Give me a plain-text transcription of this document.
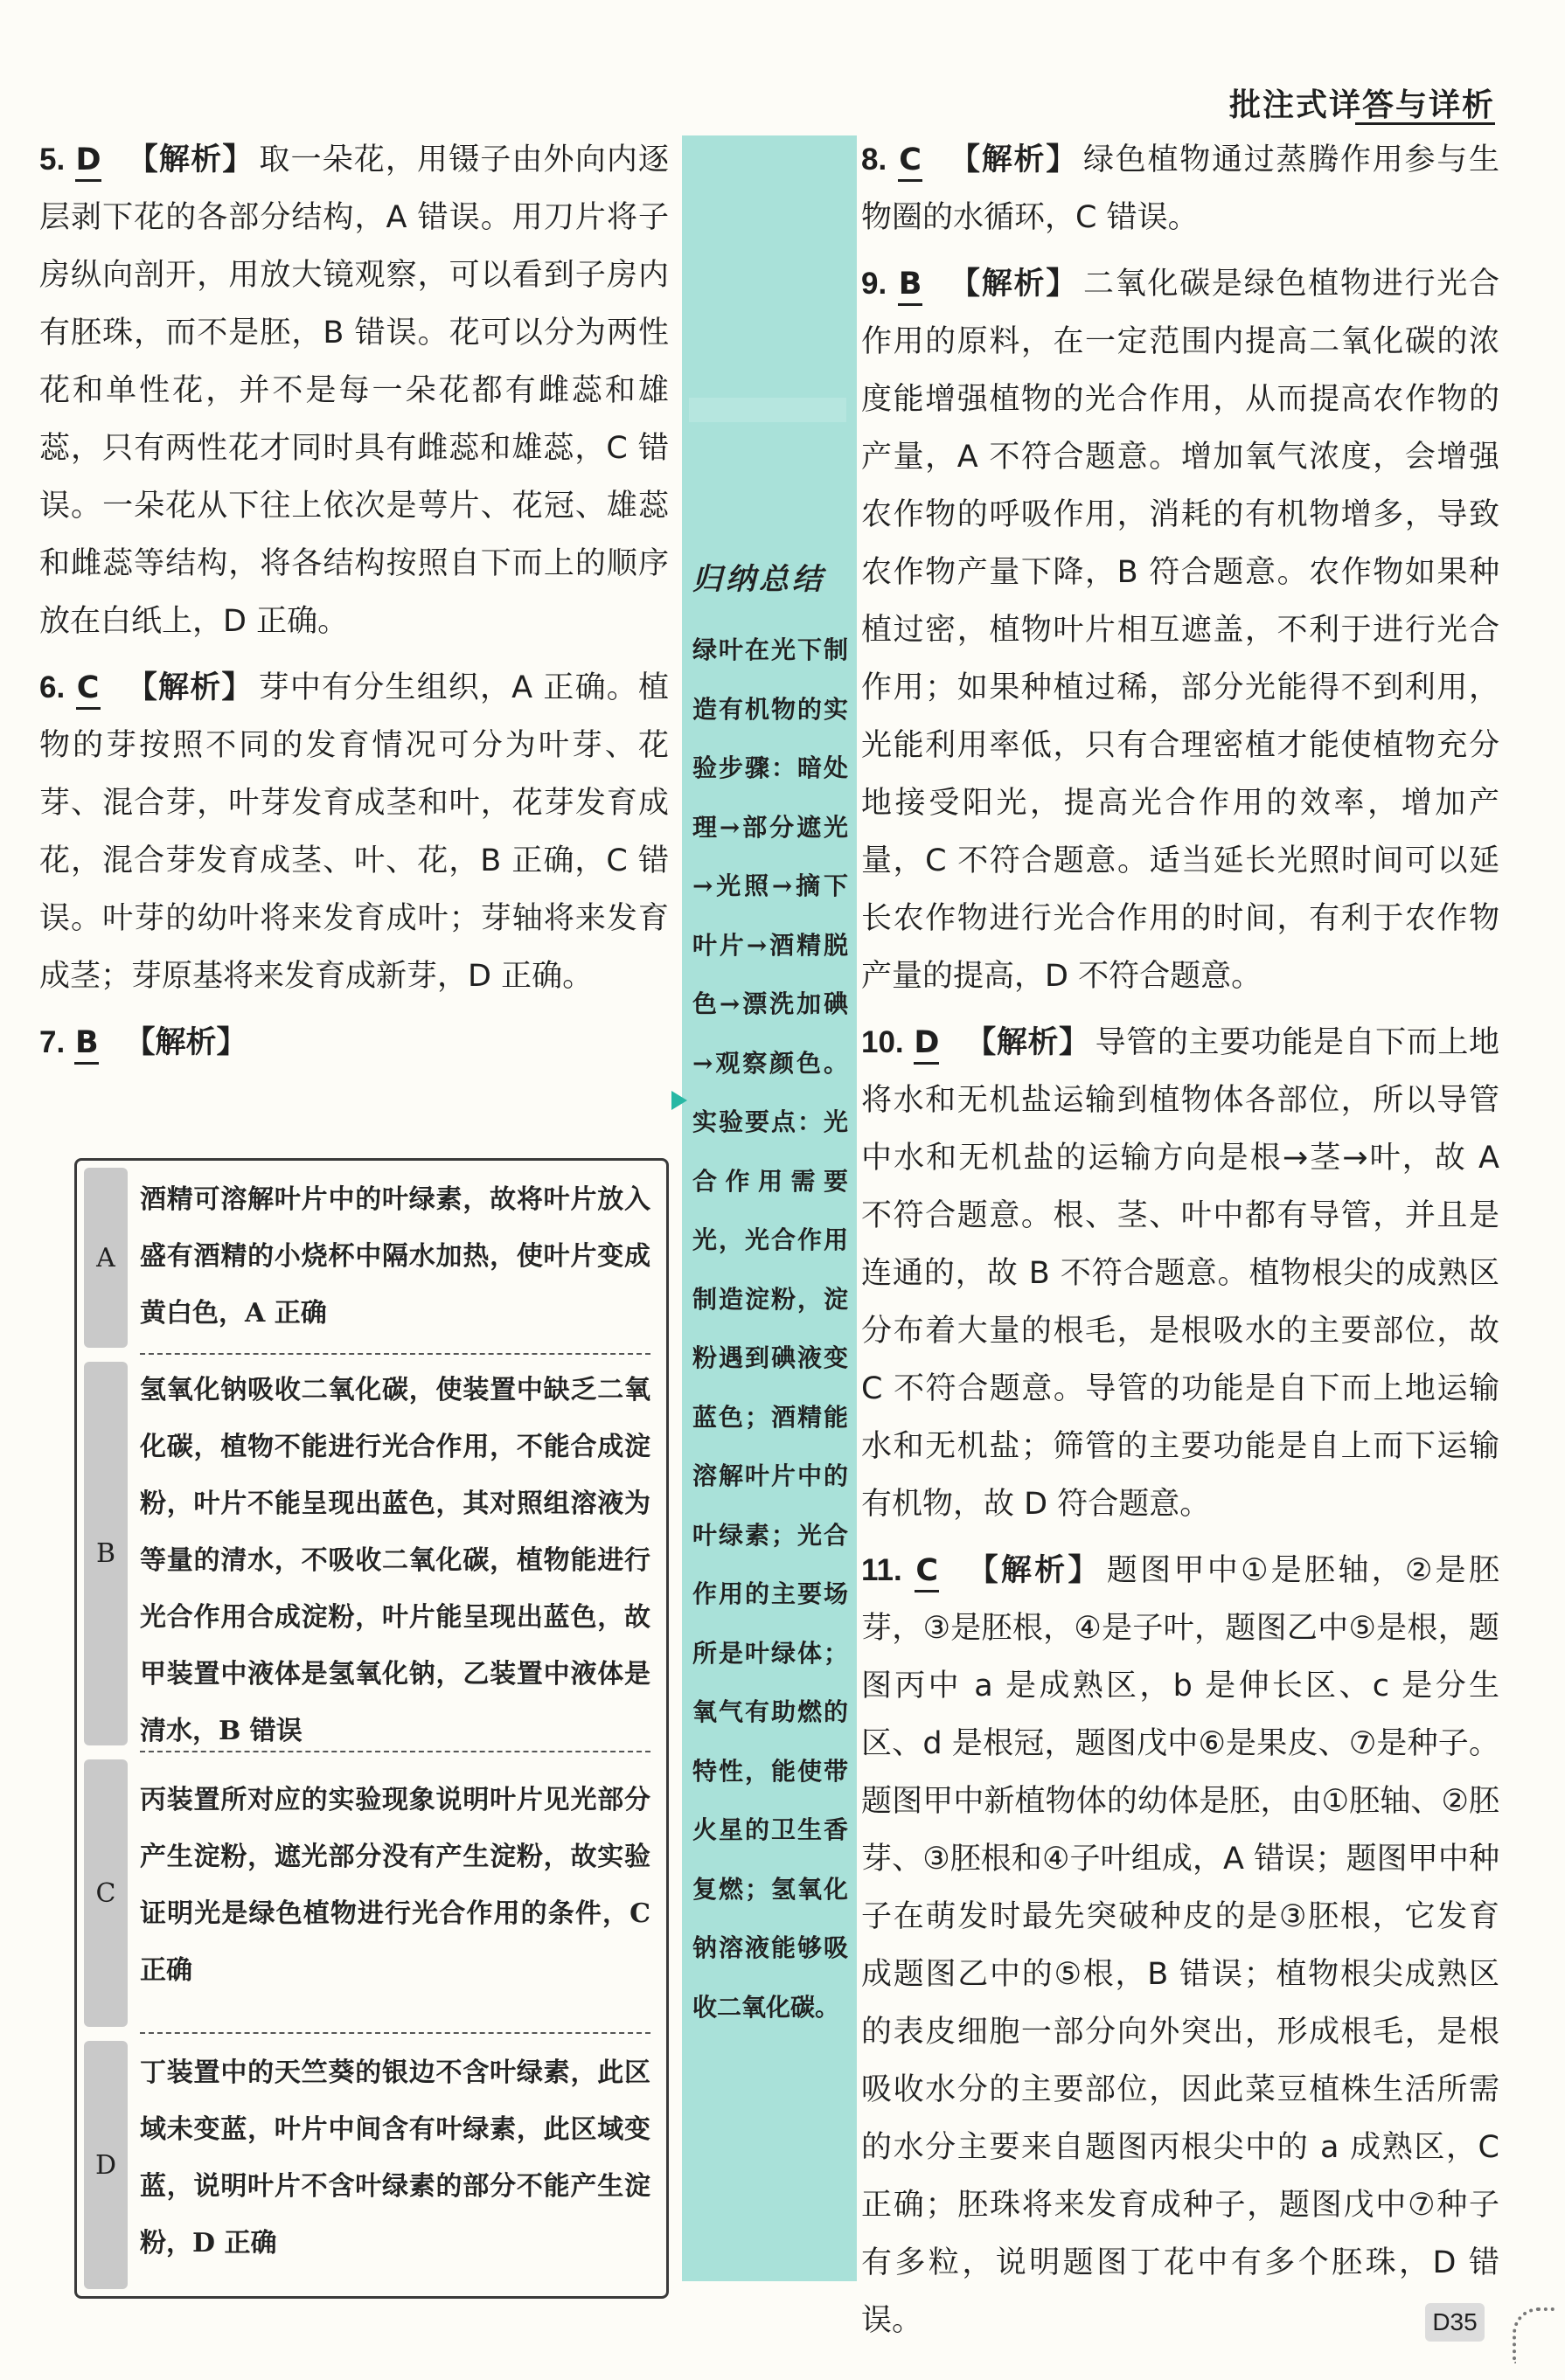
批注式详答与详析

5. D 【解析】 取一朵花，用镊子由外向内逐层剥下花的各部分结构，A 错误。用刀片将子房纵向剖开，用放大镜观察，可以看到子房内有胚珠，而不是胚，B 错误。花可以分为两性花和单性花，并不是每一朵花都有雌蕊和雄蕊，只有两性花才同时具有雌蕊和雄蕊，C 错误。一朵花从下往上依次是萼片、花冠、雄蕊和雌蕊等结构，将各结构按照自下而上的顺序放在白纸上，D 正确。

6. C 【解析】 芽中有分生组织，A 正确。植物的芽按照不同的发育情况可分为叶芽、花芽、混合芽，叶芽发育成茎和叶，花芽发育成花，混合芽发育成茎、叶、花，B 正确，C 错误。叶芽的幼叶将来发育成叶；芽轴将来发育成茎；芽原基将来发育成新芽，D 正确。

7. B 【解析】

A
酒精可溶解叶片中的叶绿素，故将叶片放入盛有酒精的小烧杯中隔水加热，使叶片变成黄白色，A 正确
B
氢氧化钠吸收二氧化碳，使装置中缺乏二氧化碳，植物不能进行光合作用，不能合成淀粉，叶片不能呈现出蓝色，其对照组溶液为等量的清水，不吸收二氧化碳，植物能进行光合作用合成淀粉，叶片能呈现出蓝色，故甲装置中液体是氢氧化钠，乙装置中液体是清水，B 错误
C
丙装置所对应的实验现象说明叶片见光部分产生淀粉，遮光部分没有产生淀粉，故实验证明光是绿色植物进行光合作用的条件，C 正确
D
丁装置中的天竺葵的银边不含叶绿素，此区域未变蓝，叶片中间含有叶绿素，此区域变蓝，说明叶片不含叶绿素的部分不能产生淀粉，D 正确
归纳总结
绿叶在光下制造有机物的实验步骤：暗处理→部分遮光→光照→摘下叶片→酒精脱色→漂洗加碘→观察颜色。实验要点：光合作用需要光，光合作用制造淀粉，淀粉遇到碘液变蓝色；酒精能溶解叶片中的叶绿素；光合作用的主要场所是叶绿体；氧气有助燃的特性，能使带火星的卫生香复燃；氢氧化钠溶液能够吸收二氧化碳。

8. C 【解析】 绿色植物通过蒸腾作用参与生物圈的水循环，C 错误。

9. B 【解析】 二氧化碳是绿色植物进行光合作用的原料，在一定范围内提高二氧化碳的浓度能增强植物的光合作用，从而提高农作物的产量，A 不符合题意。增加氧气浓度，会增强农作物的呼吸作用，消耗的有机物增多，导致农作物产量下降，B 符合题意。农作物如果种植过密，植物叶片相互遮盖，不利于进行光合作用；如果种植过稀，部分光能得不到利用，光能利用率低，只有合理密植才能使植物充分地接受阳光，提高光合作用的效率，增加产量，C 不符合题意。适当延长光照时间可以延长农作物进行光合作用的时间，有利于农作物产量的提高，D 不符合题意。

10. D 【解析】 导管的主要功能是自下而上地将水和无机盐运输到植物体各部位，所以导管中水和无机盐的运输方向是根→茎→叶，故 A 不符合题意。根、茎、叶中都有导管，并且是连通的，故 B 不符合题意。植物根尖的成熟区分布着大量的根毛，是根吸水的主要部位，故 C 不符合题意。导管的功能是自下而上地运输水和无机盐；筛管的主要功能是自上而下运输有机物，故 D 符合题意。

11. C 【解析】 题图甲中①是胚轴，②是胚芽，③是胚根，④是子叶，题图乙中⑤是根，题图丙中 a 是成熟区，b 是伸长区、c 是分生区、d 是根冠，题图戊中⑥是果皮、⑦是种子。题图甲中新植物体的幼体是胚，由①胚轴、②胚芽、③胚根和④子叶组成，A 错误；题图甲中种子在萌发时最先突破种皮的是③胚根，它发育成题图乙中的⑤根，B 错误；植物根尖成熟区的表皮细胞一部分向外突出，形成根毛，是根吸收水分的主要部位，因此菜豆植株生活所需的水分主要来自题图丙根尖中的 a 成熟区，C 正确；胚珠将来发育成种子，题图戊中⑦种子有多粒，说明题图丁花中有多个胚珠，D 错误。	D35
